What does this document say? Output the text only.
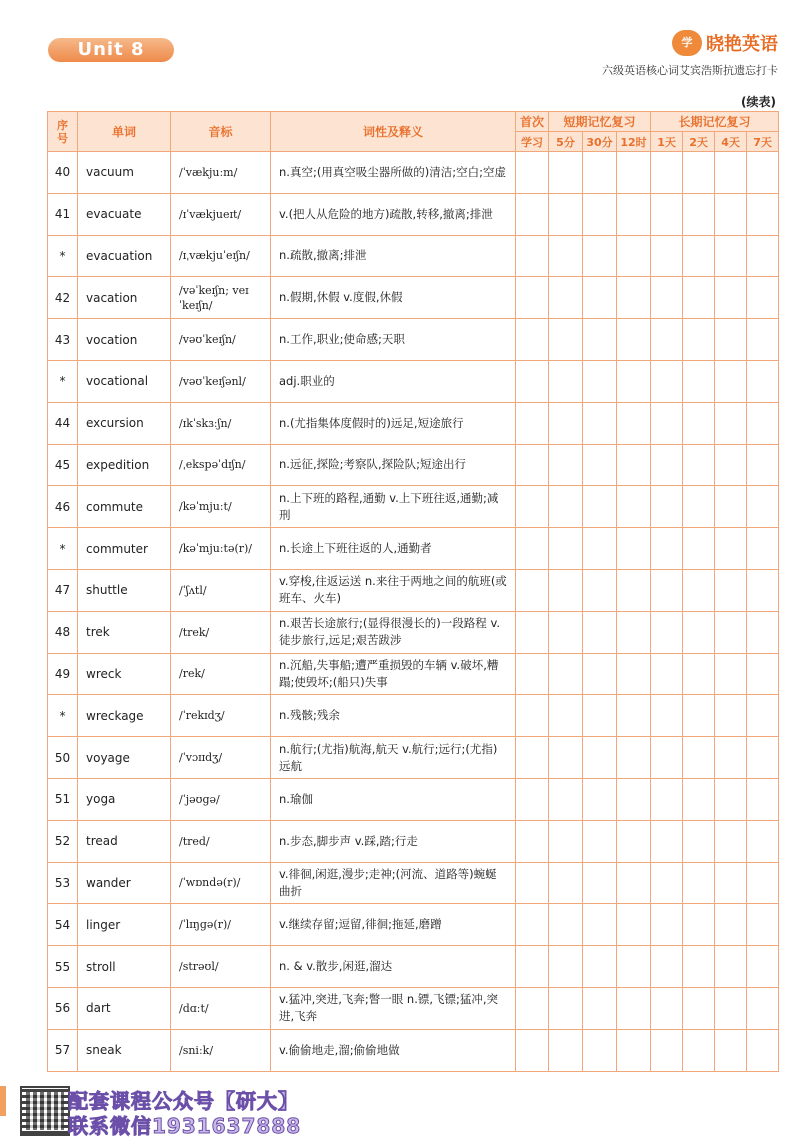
Unit 8	学 晓艳英语
六级英语核心词艾宾浩斯抗遗忘打卡
(续表)
序号	单词	音标	词性及释义	首次	短期记忆复习			长期记忆复习			
				学习	5分	30分	12时	1天	2天	4天	7天
40	vacuum	/ˈvækjuːm/	n.真空;(用真空吸尘器所做的)清洁;空白;空虚								
41	evacuate	/ɪˈvækjueɪt/	v.(把人从危险的地方)疏散,转移,撤离;排泄								
*	evacuation	/ɪˌvækjuˈeɪʃn/	n.疏散,撤离;排泄								
42	vacation	/vəˈkeɪʃn; veɪˈkeɪʃn/	n.假期,休假 v.度假,休假								
43	vocation	/vəʊˈkeɪʃn/	n.工作,职业;使命感;天职								
*	vocational	/vəʊˈkeɪʃənl/	adj.职业的								
44	excursion	/ɪkˈskɜːʃn/	n.(尤指集体度假时的)远足,短途旅行								
45	expedition	/ˌekspəˈdɪʃn/	n.远征,探险;考察队,探险队;短途出行								
46	commute	/kəˈmjuːt/	n.上下班的路程,通勤 v.上下班往返,通勤;减刑								
*	commuter	/kəˈmjuːtə(r)/	n.长途上下班往返的人,通勤者								
47	shuttle	/ˈʃʌtl/	v.穿梭,往返运送 n.来往于两地之间的航班(或班车、火车)								
48	trek	/trek/	n.艰苦长途旅行;(显得很漫长的)一段路程 v.徒步旅行,远足;艰苦跋涉								
49	wreck	/rek/	n.沉船,失事船;遭严重损毁的车辆 v.破坏,糟蹋;使毁坏;(船只)失事								
*	wreckage	/ˈrekɪdʒ/	n.残骸;残余								
50	voyage	/ˈvɔɪɪdʒ/	n.航行;(尤指)航海,航天 v.航行;远行;(尤指)远航								
51	yoga	/ˈjəʊgə/	n.瑜伽								
52	tread	/tred/	n.步态,脚步声 v.踩,踏;行走								
53	wander	/ˈwɒndə(r)/	v.徘徊,闲逛,漫步;走神;(河流、道路等)蜿蜒曲折								
54	linger	/ˈlɪŋgə(r)/	v.继续存留;逗留,徘徊;拖延,磨蹭								
55	stroll	/strəʊl/	n. & v.散步,闲逛,溜达								
56	dart	/dɑːt/	v.猛冲,突进,飞奔;瞥一眼 n.镖,飞镖;猛冲,突进,飞奔								
57	sneak	/sniːk/	v.偷偷地走,溜;偷偷地做								
配套课程公众号【研大】
联系微信1931637888
